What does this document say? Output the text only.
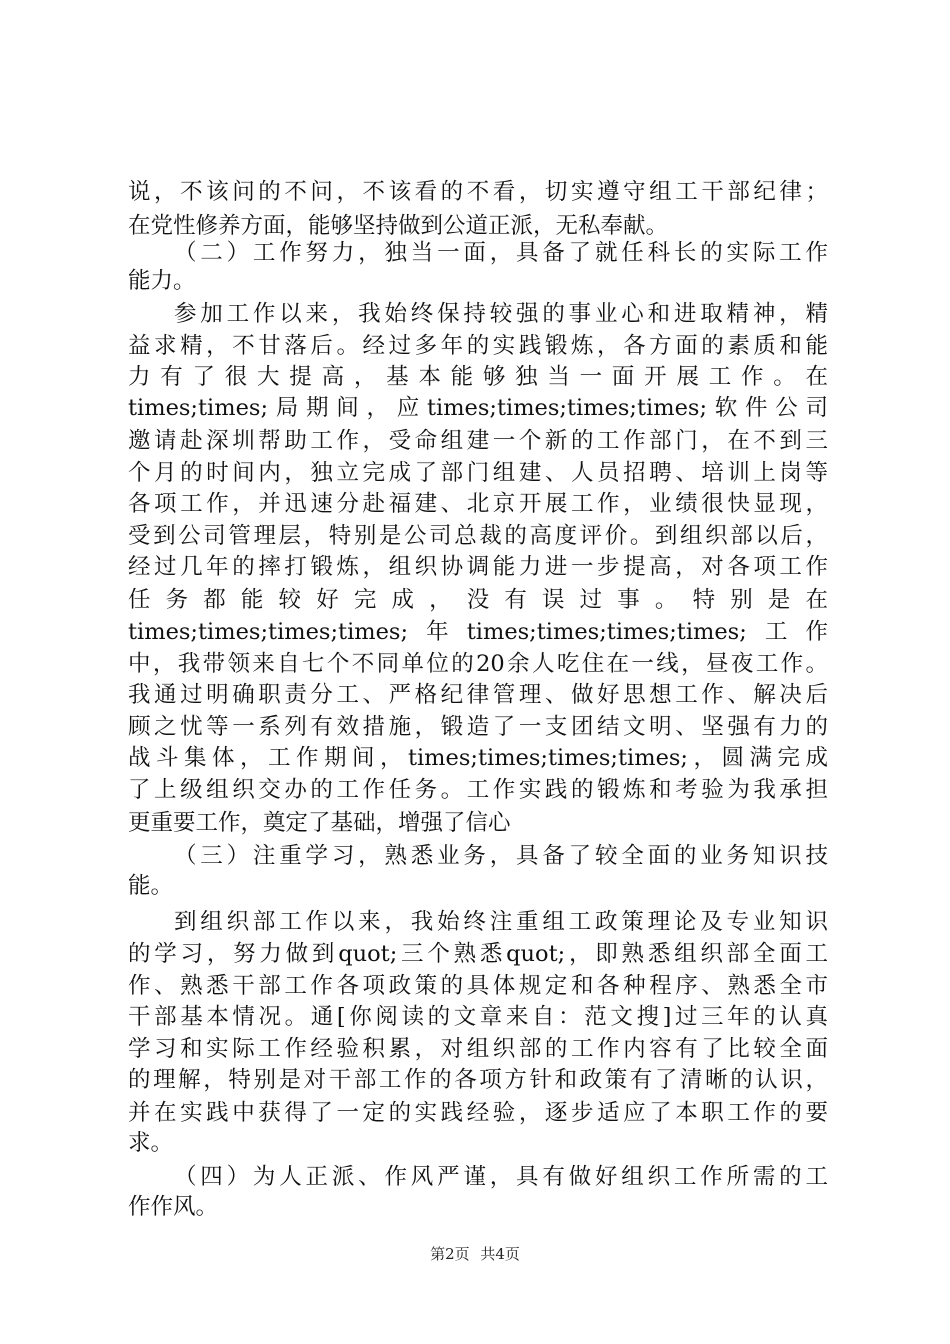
说，不该问的不问，不该看的不看，切实遵守组工干部纪律；
在党性修养方面，能够坚持做到公道正派，无私奉献。
（二）工作努力，独当一面，具备了就任科长的实际工作
能力。
参加工作以来，我始终保持较强的事业心和进取精神，精
益求精，不甘落后。经过多年的实践锻炼，各方面的素质和能
力有了很大提高，基本能够独当一面开展工作。在
times;times;局期间，应times;times;times;times;软件公司
邀请赴深圳帮助工作，受命组建一个新的工作部门，在不到三
个月的时间内，独立完成了部门组建、人员招聘、培训上岗等
各项工作，并迅速分赴福建、北京开展工作，业绩很快显现，
受到公司管理层，特别是公司总裁的高度评价。到组织部以后，
经过几年的摔打锻炼，组织协调能力进一步提高，对各项工作
任务都能较好完成，没有误过事。特别是在
times;times;times;times;年times;times;times;times;工作
中，我带领来自七个不同单位的20余人吃住在一线，昼夜工作。
我通过明确职责分工、严格纪律管理、做好思想工作、解决后
顾之忧等一系列有效措施，锻造了一支团结文明、坚强有力的
战斗集体，工作期间，times;times;times;times;，圆满完成
了上级组织交办的工作任务。工作实践的锻炼和考验为我承担
更重要工作，奠定了基础，增强了信心
（三）注重学习，熟悉业务，具备了较全面的业务知识技
能。
到组织部工作以来，我始终注重组工政策理论及专业知识
的学习，努力做到quot;三个熟悉quot;，即熟悉组织部全面工
作、熟悉干部工作各项政策的具体规定和各种程序、熟悉全市
干部基本情况。通[你阅读的文章来自：范文搜]过三年的认真
学习和实际工作经验积累，对组织部的工作内容有了比较全面
的理解，特别是对干部工作的各项方针和政策有了清晰的认识，
并在实践中获得了一定的实践经验，逐步适应了本职工作的要
求。
（四）为人正派、作风严谨，具有做好组织工作所需的工
作作风。
第2页 共4页
